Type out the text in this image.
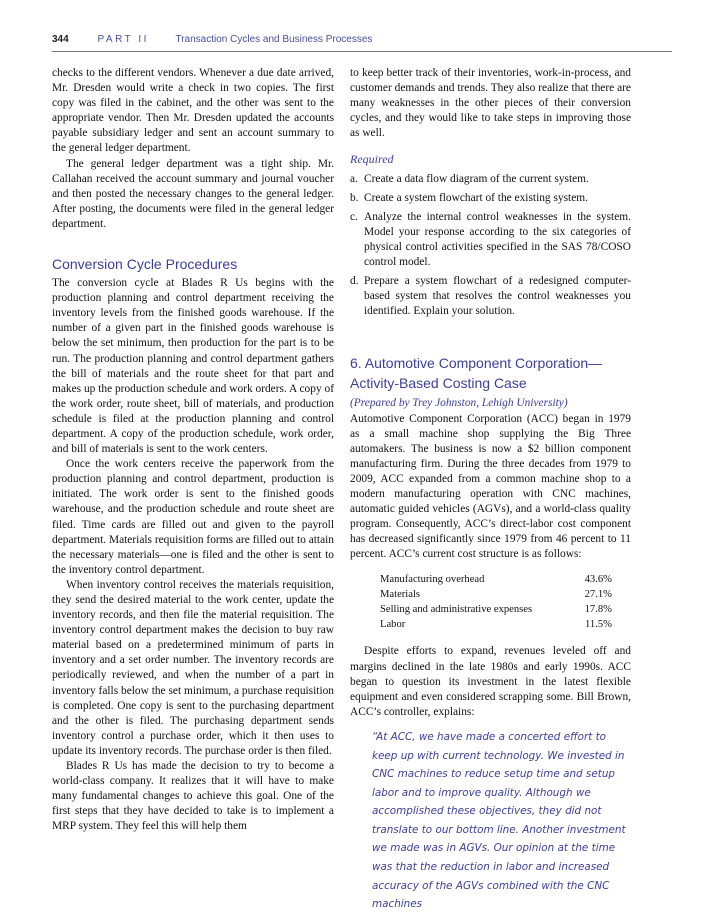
344	PART II	Transaction Cycles and Business Processes

checks to the different vendors. Whenever a due date arrived, Mr. Dresden would write a check in two copies. The first copy was filed in the cabinet, and the other was sent to the appropriate vendor. Then Mr. Dresden updated the accounts payable subsidiary ledger and sent an account summary to the general ledger department.

The general ledger department was a tight ship. Mr. Callahan received the account summary and journal voucher and then posted the necessary changes to the general ledger. After posting, the documents were filed in the general ledger department.

Conversion Cycle Procedures

The conversion cycle at Blades R Us begins with the production planning and control department receiving the inventory levels from the finished goods warehouse. If the number of a given part in the finished goods warehouse is below the set minimum, then production for the part is to be run. The production planning and control department gathers the bill of materials and the route sheet for that part and makes up the production schedule and work orders. A copy of the work order, route sheet, bill of materials, and production schedule is filed at the production planning and control department. A copy of the production schedule, work order, and bill of materials is sent to the work centers.

Once the work centers receive the paperwork from the production planning and control department, production is initiated. The work order is sent to the finished goods warehouse, and the production schedule and route sheet are filed. Time cards are filled out and given to the payroll department. Materials requisition forms are filled out to attain the necessary materials—one is filed and the other is sent to the inventory control department.

When inventory control receives the materials requisition, they send the desired material to the work center, update the inventory records, and then file the material requisition. The inventory control department makes the decision to buy raw material based on a predetermined minimum of parts in inventory and a set order number. The inventory records are periodically reviewed, and when the number of a part in inventory falls below the set minimum, a purchase requisition is completed. One copy is sent to the purchasing department and the other is filed. The purchasing department sends inventory control a purchase order, which it then uses to update its inventory records. The purchase order is then filed.

Blades R Us has made the decision to try to become a world-class company. It realizes that it will have to make many fundamental changes to achieve this goal. One of the first steps that they have decided to take is to implement a MRP system. They feel this will help them

to keep better track of their inventories, work-in-process, and customer demands and trends. They also realize that there are many weaknesses in the other pieces of their conversion cycles, and they would like to take steps in improving those as well.

Required
a. Create a data flow diagram of the current system.
b. Create a system flowchart of the existing system.
c. Analyze the internal control weaknesses in the system. Model your response according to the six categories of physical control activities specified in the SAS 78/COSO control model.
d. Prepare a system flowchart of a redesigned computer-based system that resolves the control weaknesses you identified. Explain your solution.
6. Automotive Component Corporation—Activity-Based Costing Case
(Prepared by Trey Johnston, Lehigh University)

Automotive Component Corporation (ACC) began in 1979 as a small machine shop supplying the Big Three automakers. The business is now a $2 billion component manufacturing firm. During the three decades from 1979 to 2009, ACC expanded from a common machine shop to a modern manufacturing operation with CNC machines, automatic guided vehicles (AGVs), and a world-class quality program. Consequently, ACC’s direct-labor cost component has decreased significantly since 1979 from 46 percent to 11 percent. ACC’s current cost structure is as follows:

Manufacturing overhead	43.6%
Materials	27.1%
Selling and administrative expenses	17.8%
Labor	11.5%

Despite efforts to expand, revenues leveled off and margins declined in the late 1980s and early 1990s. ACC began to question its investment in the latest flexible equipment and even considered scrapping some. Bill Brown, ACC’s controller, explains:

“At ACC, we have made a concerted effort to keep up with current technology. We invested in CNC machines to reduce setup time and setup labor and to improve quality. Although we accomplished these objectives, they did not translate to our bottom line. Another investment we made was in AGVs. Our opinion at the time was that the reduction in labor and increased accuracy of the AGVs combined with the CNC machines
